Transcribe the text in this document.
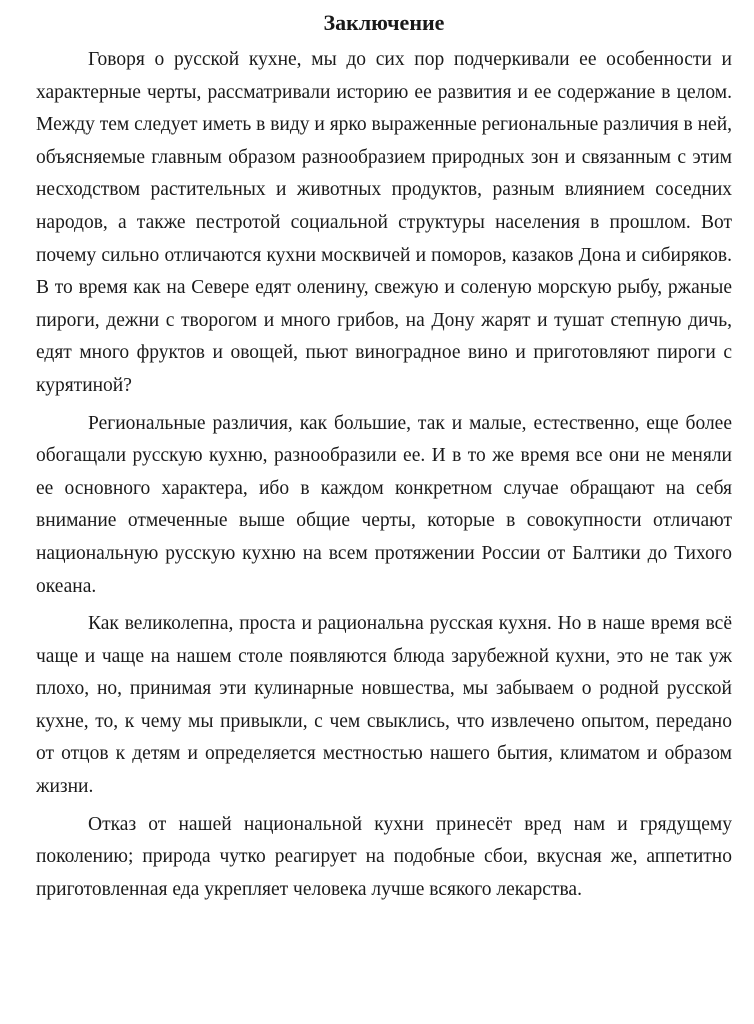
Заключение

Говоря о русской кухне, мы до сих пор подчеркивали ее особенности и характерные черты, рассматривали историю ее развития и ее содержание в целом. Между тем следует иметь в виду и ярко выраженные региональные различия в ней, объясняемые главным образом разнообразием природных зон и связанным с этим несходством растительных и животных продуктов, разным влиянием соседних народов, а также пестротой социальной структуры населения в прошлом. Вот почему сильно отличаются кухни москвичей и поморов, казаков Дона и сибиряков. В то время как на Севере едят оленину, свежую и соленую морскую рыбу, ржаные пироги, дежни с творогом и много грибов, на Дону жарят и тушат степную дичь, едят много фруктов и овощей, пьют виноградное вино и приготовляют пироги с курятиной?

Региональные различия, как большие, так и малые, естественно, еще более обогащали русскую кухню, разнообразили ее. И в то же время все они не меняли ее основного характера, ибо в каждом конкретном случае обращают на себя внимание отмеченные выше общие черты, которые в совокупности отличают национальную русскую кухню на всем протяжении России от Балтики до Тихого океана.

Как великолепна, проста и рациональна русская кухня. Но в наше время всё чаще и чаще на нашем столе появляются блюда зарубежной кухни, это не так уж плохо, но, принимая эти кулинарные новшества, мы забываем о родной русской кухне, то, к чему мы привыкли, с чем свыклись, что извлечено опытом, передано от отцов к детям и определяется местностью нашего бытия, климатом и образом жизни.

Отказ от нашей национальной кухни принесёт вред нам и грядущему поколению; природа чутко реагирует на подобные сбои, вкусная же, аппетитно приготовленная еда укрепляет человека лучше всякого лекарства.
